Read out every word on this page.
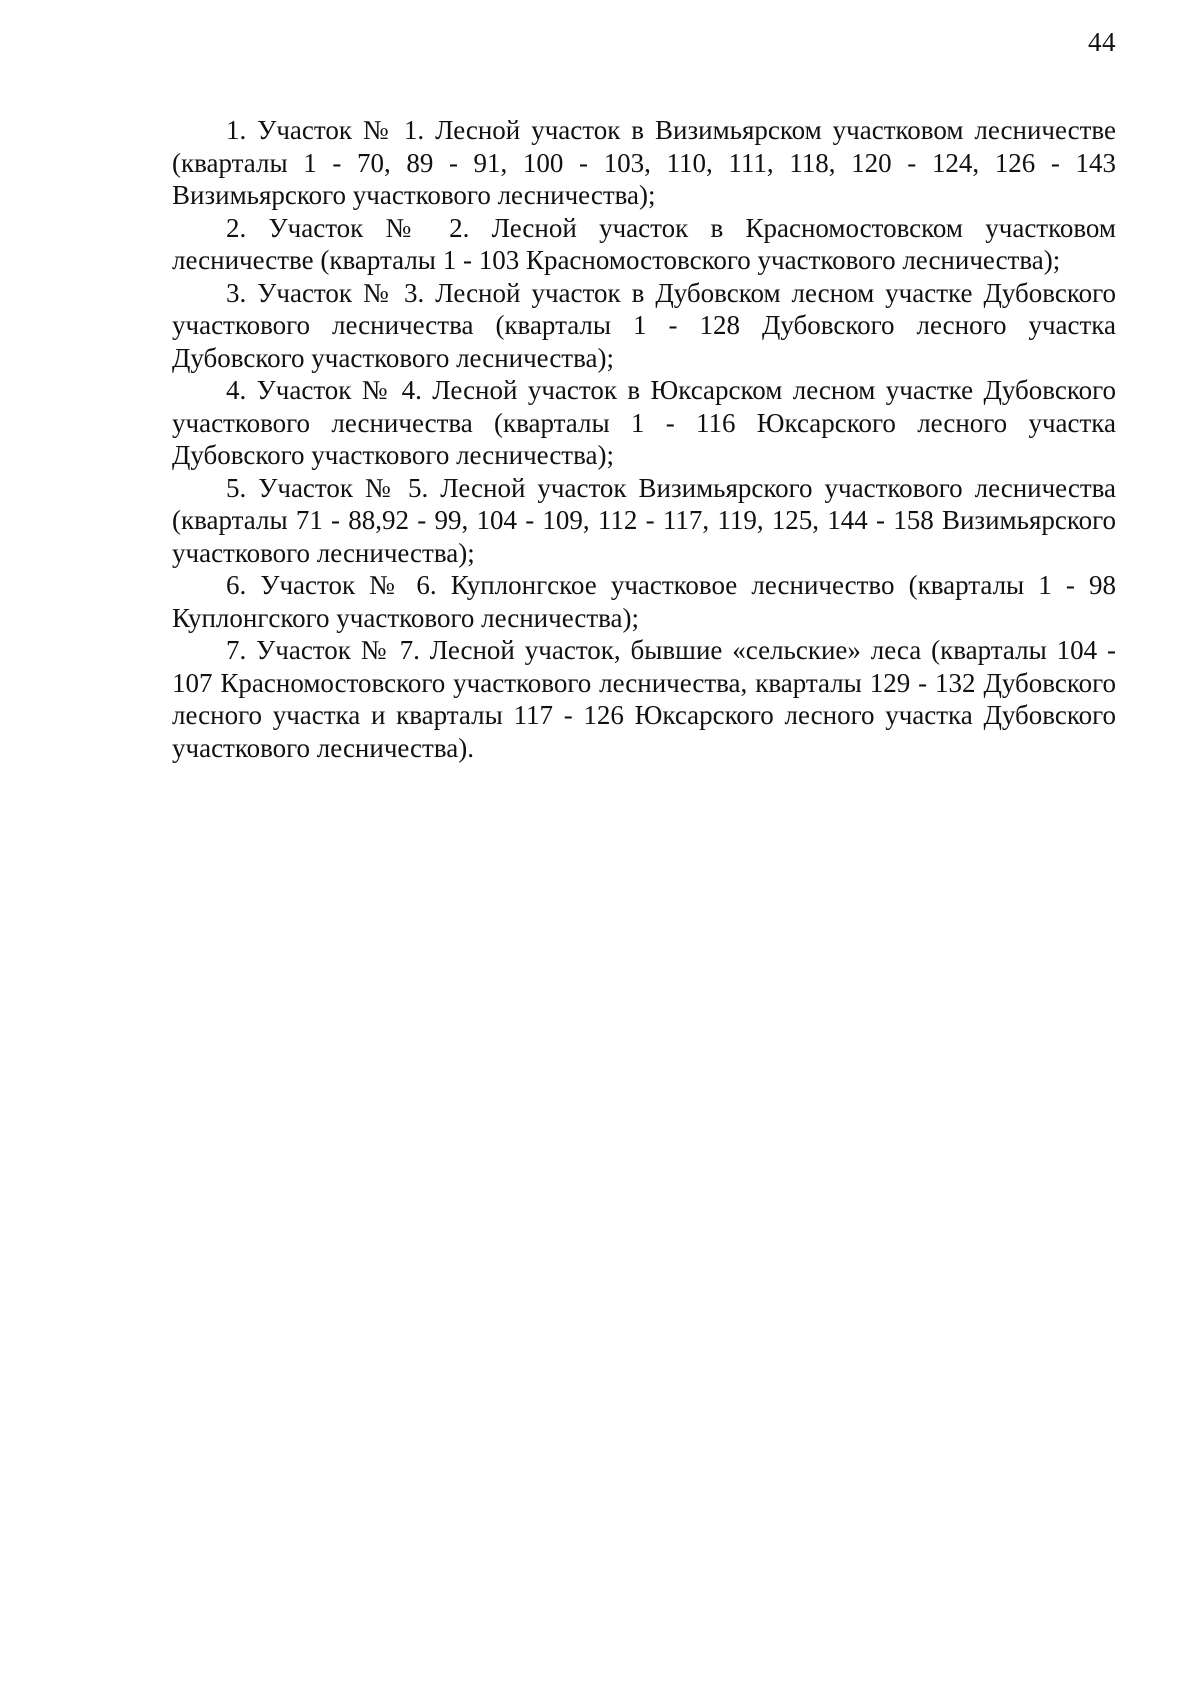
44

1. Участок № 1. Лесной участок в Визимьярском участковом лесничестве (кварталы 1 - 70, 89 - 91, 100 - 103, 110, 111, 118, 120 - 124, 126 - 143 Визимьярского участкового лесничества);

2. Участок № 2. Лесной участок в Красномостовском участковом лесничестве (кварталы 1 - 103 Красномостовского участкового лесничества);

3. Участок № 3. Лесной участок в Дубовском лесном участке Дубовского участкового лесничества (кварталы 1 - 128 Дубовского лесного участка Дубовского участкового лесничества);

4. Участок № 4. Лесной участок в Юксарском лесном участке Дубовского участкового лесничества (кварталы 1 - 116 Юксарского лесного участка Дубовского участкового лесничества);

5. Участок № 5. Лесной участок Визимьярского участкового лесничества (кварталы 71 - 88,92 - 99, 104 - 109, 112 - 117, 119, 125, 144 - 158 Визимьярского участкового лесничества);

6. Участок № 6. Куплонгское участковое лесничество (кварталы 1 - 98 Куплонгского участкового лесничества);

7. Участок № 7. Лесной участок, бывшие «сельские» леса (кварталы 104 - 107 Красномостовского участкового лесничества, кварталы 129 - 132 Дубовского лесного участка и кварталы 117 - 126 Юксарского лесного участка Дубовского участкового лесничества).
